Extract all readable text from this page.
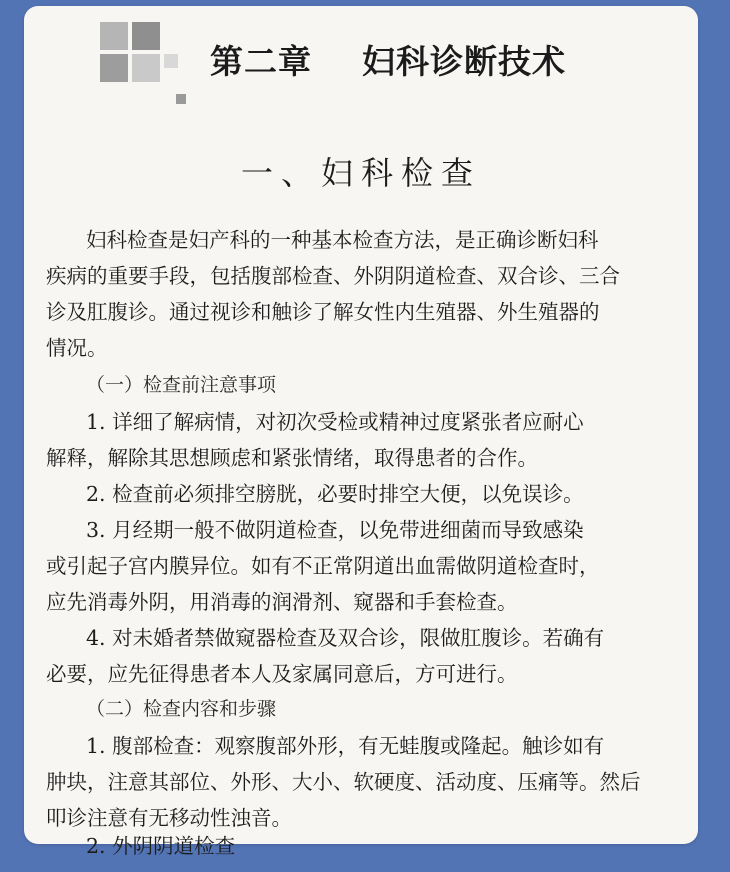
第二章    妇科诊断技术
一、妇科检查
妇科检查是妇产科的一种基本检查方法，是正确诊断妇科
疾病的重要手段，包括腹部检查、外阴阴道检查、双合诊、三合
诊及肛腹诊。通过视诊和触诊了解女性内生殖器、外生殖器的
情况。
（一）检查前注意事项
1. 详细了解病情，对初次受检或精神过度紧张者应耐心
解释，解除其思想顾虑和紧张情绪，取得患者的合作。
2. 检查前必须排空膀胱，必要时排空大便，以免误诊。
3. 月经期一般不做阴道检查，以免带进细菌而导致感染
或引起子宫内膜异位。如有不正常阴道出血需做阴道检查时，
应先消毒外阴，用消毒的润滑剂、窥器和手套检查。
4. 对未婚者禁做窥器检查及双合诊，限做肛腹诊。若确有
必要，应先征得患者本人及家属同意后，方可进行。
（二）检查内容和步骤
1. 腹部检查：观察腹部外形，有无蛙腹或隆起。触诊如有
肿块，注意其部位、外形、大小、软硬度、活动度、压痛等。然后
叩诊注意有无移动性浊音。
2. 外阴阴道检查
